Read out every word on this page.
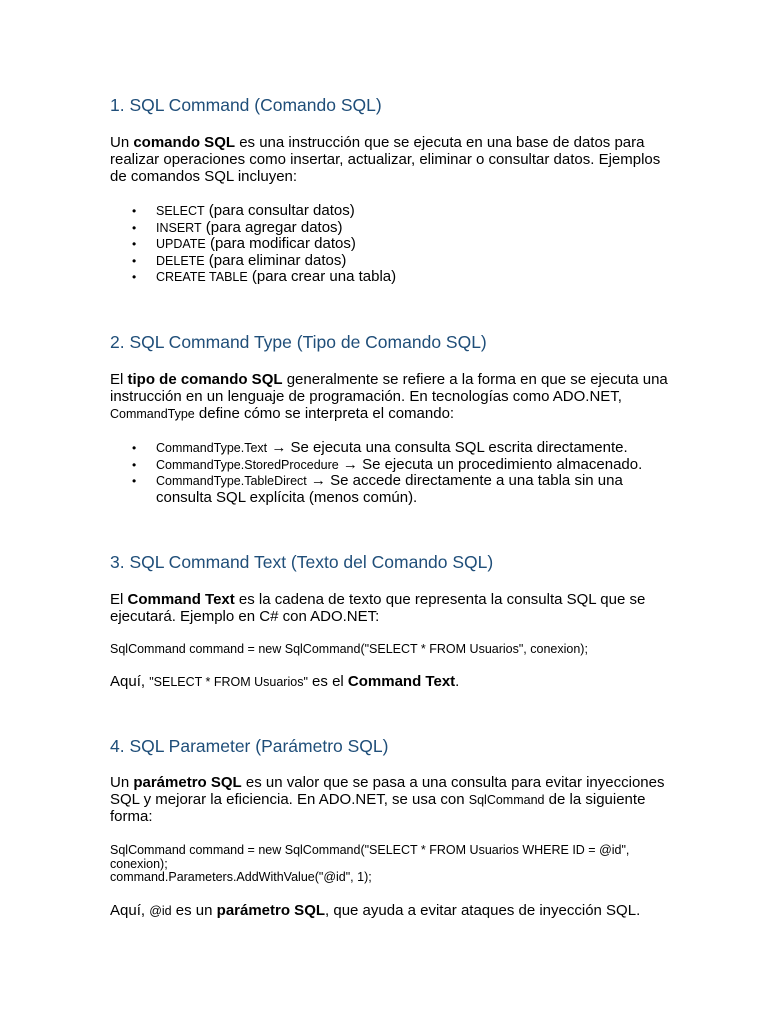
1. SQL Command (Comando SQL)

Un comando SQL es una instrucción que se ejecuta en una base de datos para realizar operaciones como insertar, actualizar, eliminar o consultar datos. Ejemplos de comandos SQL incluyen:

• SELECT (para consultar datos)
• INSERT (para agregar datos)
• UPDATE (para modificar datos)
• DELETE (para eliminar datos)
• CREATE TABLE (para crear una tabla)
2. SQL Command Type (Tipo de Comando SQL)

El tipo de comando SQL generalmente se refiere a la forma en que se ejecuta una instrucción en un lenguaje de programación. En tecnologías como ADO.NET, CommandType define cómo se interpreta el comando:

• CommandType.Text → Se ejecuta una consulta SQL escrita directamente.
• CommandType.StoredProcedure → Se ejecuta un procedimiento almacenado.
• CommandType.TableDirect → Se accede directamente a una tabla sin una consulta SQL explícita (menos común).
3. SQL Command Text (Texto del Comando SQL)

El Command Text es la cadena de texto que representa la consulta SQL que se ejecutará. Ejemplo en C# con ADO.NET:

SqlCommand command = new SqlCommand("SELECT * FROM Usuarios", conexion);

Aquí, "SELECT * FROM Usuarios" es el Command Text.

4. SQL Parameter (Parámetro SQL)

Un parámetro SQL es un valor que se pasa a una consulta para evitar inyecciones SQL y mejorar la eficiencia. En ADO.NET, se usa con SqlCommand de la siguiente forma:

SqlCommand command = new SqlCommand("SELECT * FROM Usuarios WHERE ID = @id",
conexion);
command.Parameters.AddWithValue("@id", 1);

Aquí, @id es un parámetro SQL, que ayuda a evitar ataques de inyección SQL.
